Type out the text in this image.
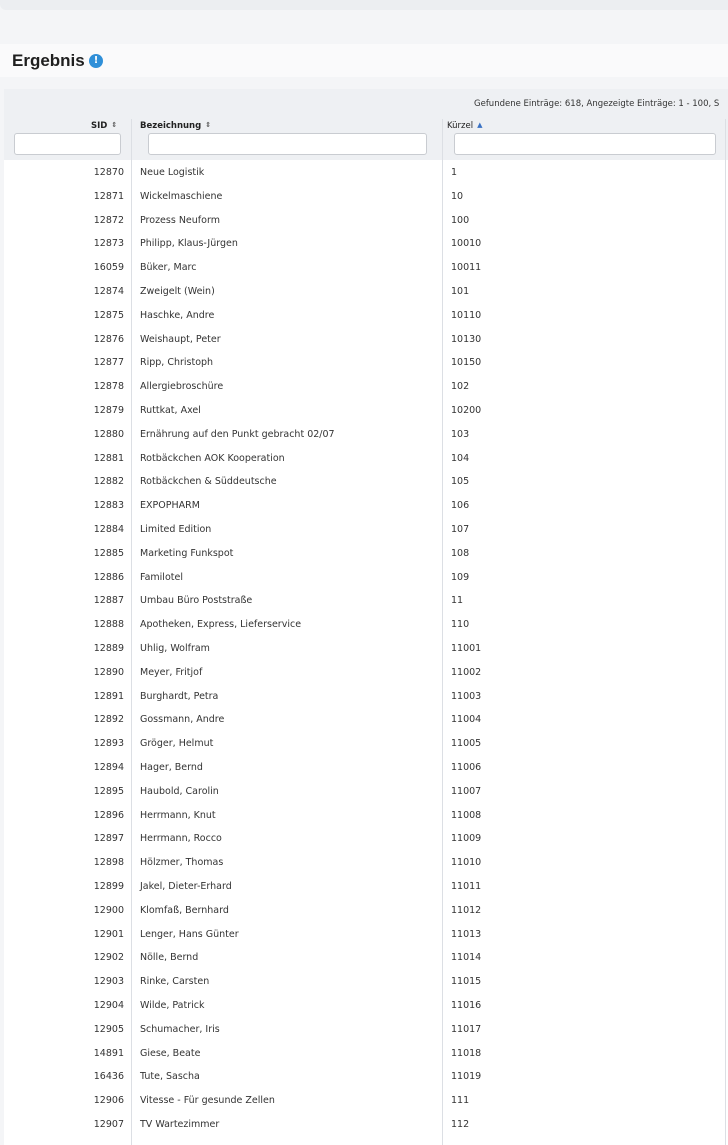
Ergebnis !
Gefundene Einträge: 618, Angezeigte Einträge: 1 - 100, S
SID ⇕	Bezeichnung ⇕	Kürzel ▲
12870 Neue Logistik	1
12871 Wickelmaschiene	10
12872 Prozess Neuform	100
12873 Philipp, Klaus-Jürgen	10010
16059 Büker, Marc	10011
12874 Zweigelt (Wein)	101
12875 Haschke, Andre	10110
12876 Weishaupt, Peter	10130
12877 Ripp, Christoph	10150
12878 Allergiebroschüre	102
12879 Ruttkat, Axel	10200
12880 Ernährung auf den Punkt gebracht 02/07	103
12881 Rotbäckchen AOK Kooperation	104
12882 Rotbäckchen & Süddeutsche	105
12883 EXPOPHARM	106
12884 Limited Edition	107
12885 Marketing Funkspot	108
12886 Familotel	109
12887 Umbau Büro Poststraße	11
12888 Apotheken, Express, Lieferservice	110
12889 Uhlig, Wolfram	11001
12890 Meyer, Fritjof	11002
12891 Burghardt, Petra	11003
12892 Gossmann, Andre	11004
12893 Gröger, Helmut	11005
12894 Hager, Bernd	11006
12895 Haubold, Carolin	11007
12896 Herrmann, Knut	11008
12897 Herrmann, Rocco	11009
12898 Hölzmer, Thomas	11010
12899 Jakel, Dieter-Erhard	11011
12900 Klomfaß, Bernhard	11012
12901 Lenger, Hans Günter	11013
12902 Nölle, Bernd	11014
12903 Rinke, Carsten	11015
12904 Wilde, Patrick	11016
12905 Schumacher, Iris	11017
14891 Giese, Beate	11018
16436 Tute, Sascha	11019
12906 Vitesse - Für gesunde Zellen	111
12907 TV Wartezimmer	112
